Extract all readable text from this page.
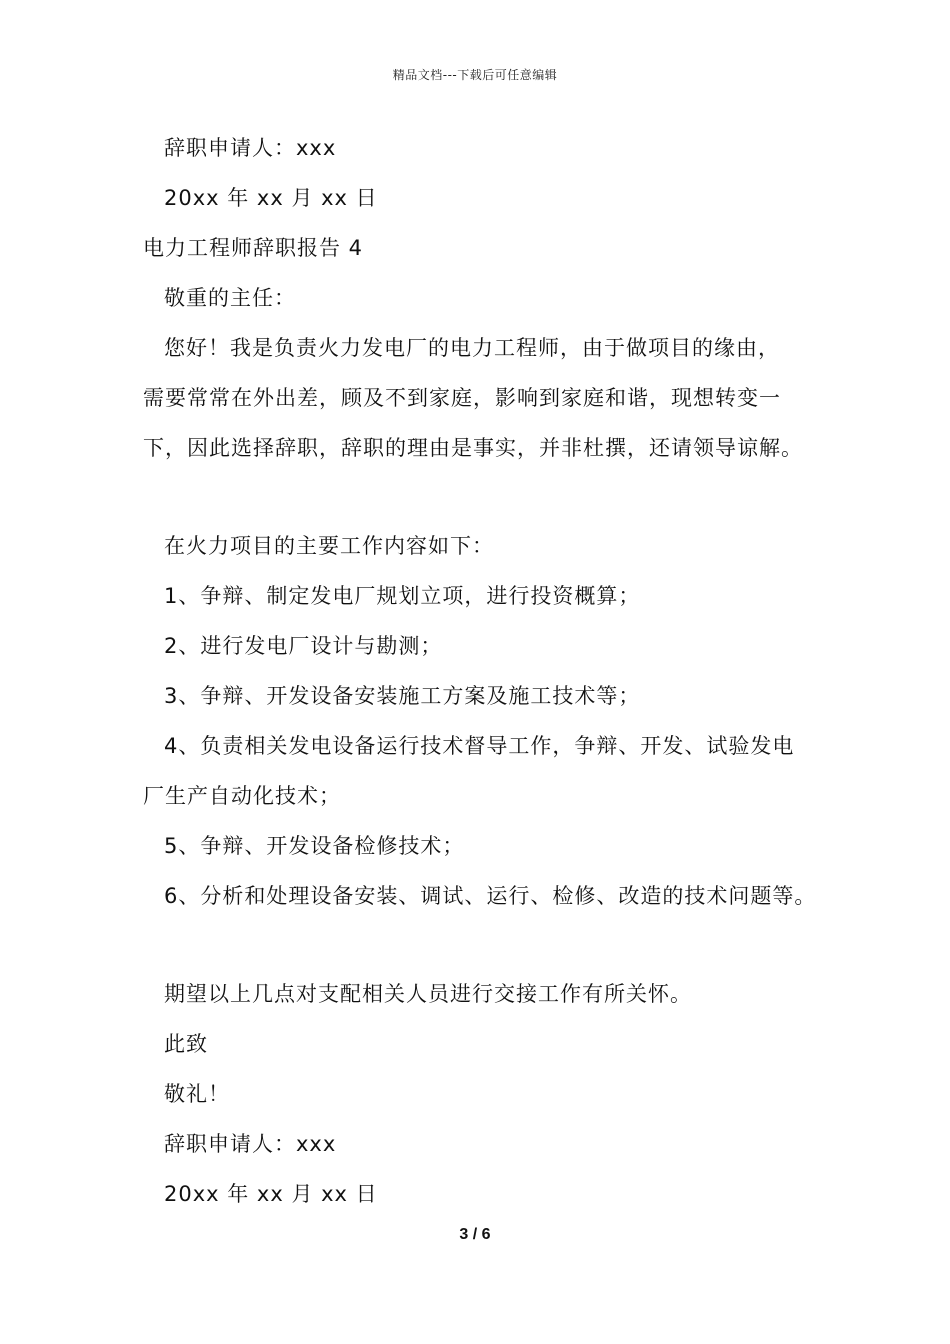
精品文档---下载后可任意编辑
辞职申请人：xxx
20xx 年 xx 月 xx 日
电力工程师辞职报告 4
敬重的主任：
您好！我是负责火力发电厂的电力工程师，由于做项目的缘由，
需要常常在外出差，顾及不到家庭，影响到家庭和谐，现想转变一
下，因此选择辞职，辞职的理由是事实，并非杜撰，还请领导谅解。
在火力项目的主要工作内容如下：
1、争辩、制定发电厂规划立项，进行投资概算；
2、进行发电厂设计与勘测；
3、争辩、开发设备安装施工方案及施工技术等；
4、负责相关发电设备运行技术督导工作，争辩、开发、试验发电
厂生产自动化技术；
5、争辩、开发设备检修技术；
6、分析和处理设备安装、调试、运行、检修、改造的技术问题等。
期望以上几点对支配相关人员进行交接工作有所关怀。
此致
敬礼！
辞职申请人：xxx
20xx 年 xx 月 xx 日
3 / 6
